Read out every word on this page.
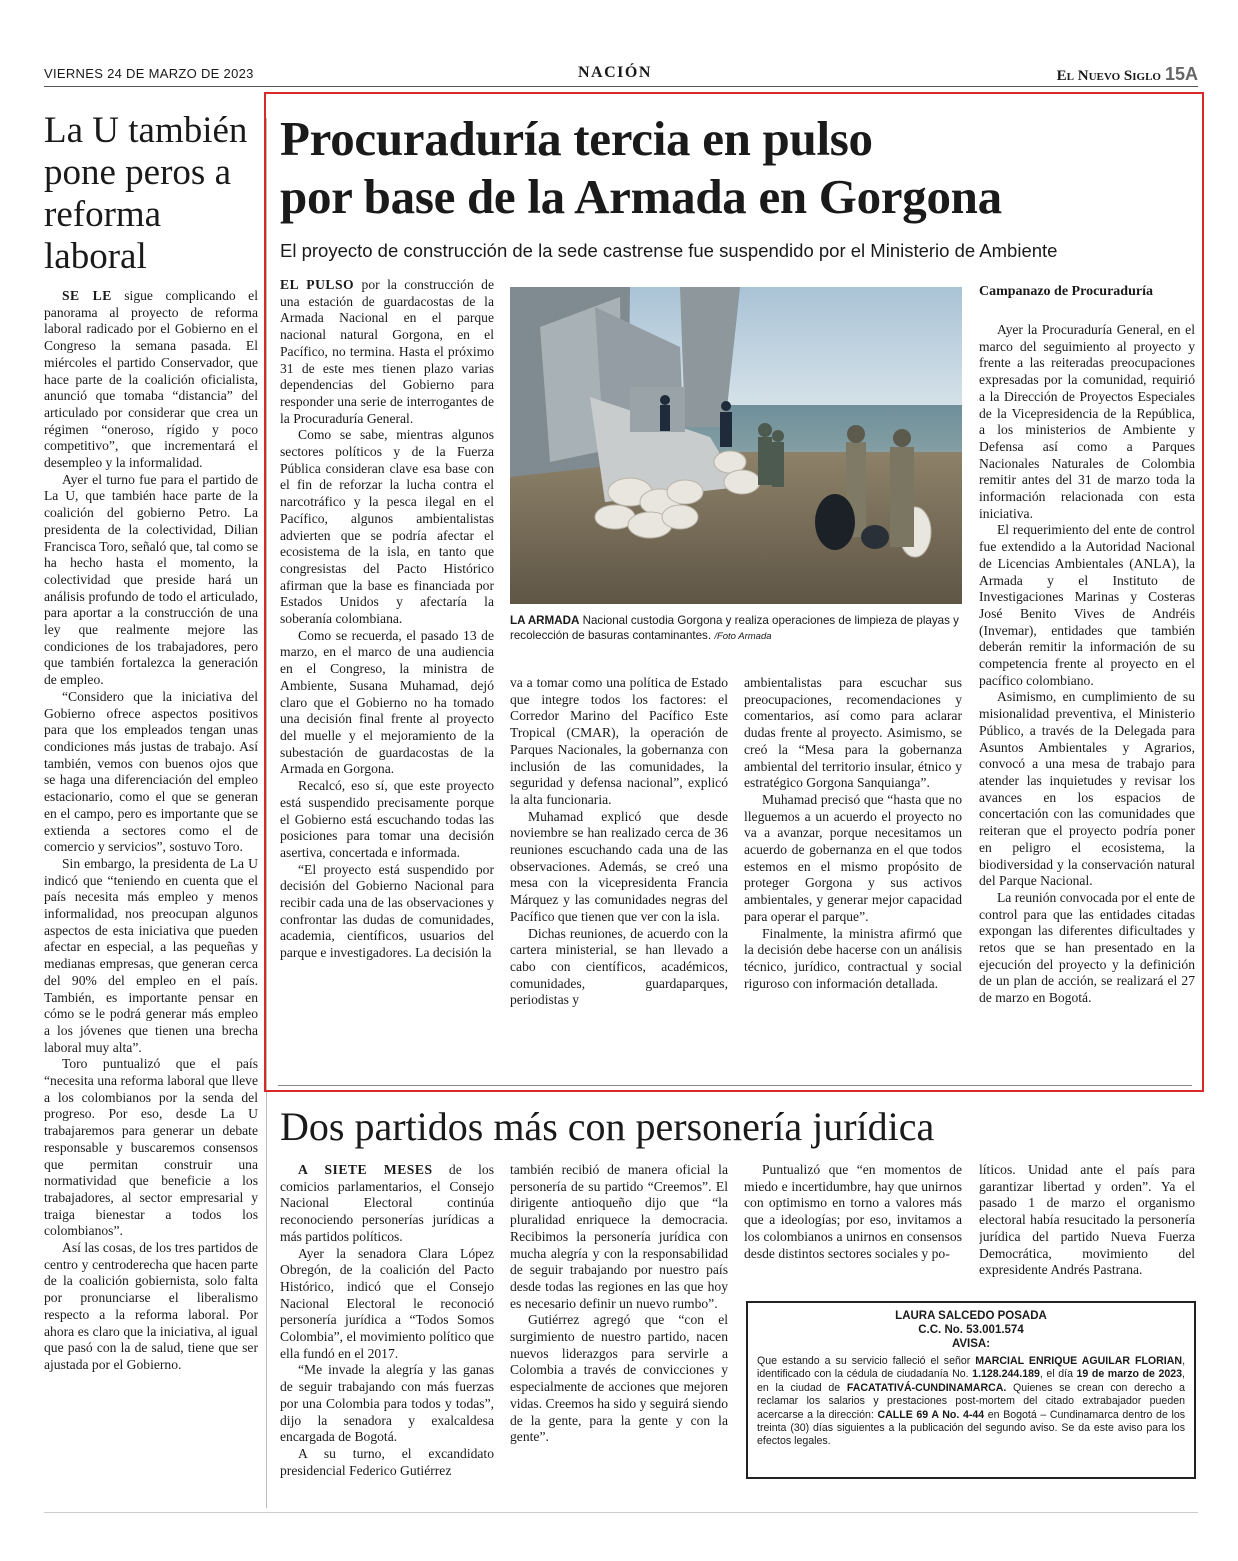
VIERNES 24 DE MARZO DE 2023	NACIÓN	El Nuevo Siglo 15A
La U también pone peros a reforma laboral

SE LE sigue complicando el panorama al proyecto de reforma laboral radicado por el Gobierno en el Congreso la semana pasada. El miércoles el partido Conservador, que hace parte de la coalición oficialista, anunció que tomaba “distancia” del articulado por considerar que crea un régimen “oneroso, rígido y poco competitivo”, que incrementará el desempleo y la informalidad.

Ayer el turno fue para el partido de La U, que también hace parte de la coalición del gobierno Petro. La presidenta de la colectividad, Dilian Francisca Toro, señaló que, tal como se ha hecho hasta el momento, la colectividad que preside hará un análisis profundo de todo el articulado, para aportar a la construcción de una ley que realmente mejore las condiciones de los trabajadores, pero que también fortalezca la generación de empleo.

“Considero que la iniciativa del Gobierno ofrece aspectos positivos para que los empleados tengan unas condiciones más justas de trabajo. Así también, vemos con buenos ojos que se haga una diferenciación del empleo estacionario, como el que se generan en el campo, pero es importante que se extienda a sectores como el de comercio y servicios”, sostuvo Toro.

Sin embargo, la presidenta de La U indicó que “teniendo en cuenta que el país necesita más empleo y menos informalidad, nos preocupan algunos aspectos de esta iniciativa que pueden afectar en especial, a las pequeñas y medianas empresas, que generan cerca del 90% del empleo en el país. También, es importante pensar en cómo se le podrá generar más empleo a los jóvenes que tienen una brecha laboral muy alta”.

Toro puntualizó que el país “necesita una reforma laboral que lleve a los colombianos por la senda del progreso. Por eso, desde La U trabajaremos para generar un debate responsable y buscaremos consensos que permitan construir una normatividad que beneficie a los trabajadores, al sector empresarial y traiga bienestar a todos los colombianos”.

Así las cosas, de los tres partidos de centro y centroderecha que hacen parte de la coalición gobiernista, solo falta por pronunciarse el liberalismo respecto a la reforma laboral. Por ahora es claro que la iniciativa, al igual que pasó con la de salud, tiene que ser ajustada por el Gobierno.

Procuraduría tercia en pulso
por base de la Armada en Gorgona
El proyecto de construcción de la sede castrense fue suspendido por el Ministerio de Ambiente

EL PULSO por la construcción de una estación de guardacostas de la Armada Nacional en el parque nacional natural Gorgona, en el Pacífico, no termina. Hasta el próximo 31 de este mes tienen plazo varias dependencias del Gobierno para responder una serie de interrogantes de la Procuraduría General.

Como se sabe, mientras algunos sectores políticos y de la Fuerza Pública consideran clave esa base con el fin de reforzar la lucha contra el narcotráfico y la pesca ilegal en el Pacífico, algunos ambientalistas advierten que se podría afectar el ecosistema de la isla, en tanto que congresistas del Pacto Histórico afirman que la base es financiada por Estados Unidos y afectaría la soberanía colombiana.

Como se recuerda, el pasado 13 de marzo, en el marco de una audiencia en el Congreso, la ministra de Ambiente, Susana Muhamad, dejó claro que el Gobierno no ha tomado una decisión final frente al proyecto del muelle y el mejoramiento de la subestación de guardacostas de la Armada en Gorgona.

Recalcó, eso sí, que este proyecto está suspendido precisamente porque el Gobierno está escuchando todas las posiciones para tomar una decisión asertiva, concertada e informada.

“El proyecto está suspendido por decisión del Gobierno Nacional para recibir cada una de las observaciones y confrontar las dudas de comunidades, academia, científicos, usuarios del parque e investigadores. La decisión la

LA ARMADA Nacional custodia Gorgona y realiza operaciones de limpieza de playas y recolección de basuras contaminantes. /Foto Armada

va a tomar como una política de Estado que integre todos los factores: el Corredor Marino del Pacífico Este Tropical (CMAR), la operación de Parques Nacionales, la gobernanza con inclusión de las comunidades, la seguridad y defensa nacional”, explicó la alta funcionaria.

Muhamad explicó que desde noviembre se han realizado cerca de 36 reuniones escuchando cada una de las observaciones. Además, se creó una mesa con la vicepresidenta Francia Márquez y las comunidades negras del Pacífico que tienen que ver con la isla.

Dichas reuniones, de acuerdo con la cartera ministerial, se han llevado a cabo con científicos, académicos, comunidades, guardaparques, periodistas y

ambientalistas para escuchar sus preocupaciones, recomendaciones y comentarios, así como para aclarar dudas frente al proyecto. Asimismo, se creó la “Mesa para la gobernanza ambiental del territorio insular, étnico y estratégico Gorgona Sanquianga”.

Muhamad precisó que “hasta que no lleguemos a un acuerdo el proyecto no va a avanzar, porque necesitamos un acuerdo de gobernanza en el que todos estemos en el mismo propósito de proteger Gorgona y sus activos ambientales, y generar mejor capacidad para operar el parque”.

Finalmente, la ministra afirmó que la decisión debe hacerse con un análisis técnico, jurídico, contractual y social riguroso con información detallada.

Campanazo de Procuraduría

Ayer la Procuraduría General, en el marco del seguimiento al proyecto y frente a las reiteradas preocupaciones expresadas por la comunidad, requirió a la Dirección de Proyectos Especiales de la Vicepresidencia de la República, a los ministerios de Ambiente y Defensa así como a Parques Nacionales Naturales de Colombia remitir antes del 31 de marzo toda la información relacionada con esta iniciativa.

El requerimiento del ente de control fue extendido a la Autoridad Nacional de Licencias Ambientales (ANLA), la Armada y el Instituto de Investigaciones Marinas y Costeras José Benito Vives de Andréis (Invemar), entidades que también deberán remitir la información de su competencia frente al proyecto en el pacífico colombiano.

Asimismo, en cumplimiento de su misionalidad preventiva, el Ministerio Público, a través de la Delegada para Asuntos Ambientales y Agrarios, convocó a una mesa de trabajo para atender las inquietudes y revisar los avances en los espacios de concertación con las comunidades que reiteran que el proyecto podría poner en peligro el ecosistema, la biodiversidad y la conservación natural del Parque Nacional.

La reunión convocada por el ente de control para que las entidades citadas expongan las diferentes dificultades y retos que se han presentado en la ejecución del proyecto y la definición de un plan de acción, se realizará el 27 de marzo en Bogotá.

Dos partidos más con personería jurídica

A SIETE MESES de los comicios parlamentarios, el Consejo Nacional Electoral continúa reconociendo personerías jurídicas a más partidos políticos.

Ayer la senadora Clara López Obregón, de la coalición del Pacto Histórico, indicó que el Consejo Nacional Electoral le reconoció personería jurídica a “Todos Somos Colombia”, el movimiento político que ella fundó en el 2017.

“Me invade la alegría y las ganas de seguir trabajando con más fuerzas por una Colombia para todos y todas”, dijo la senadora y exalcaldesa encargada de Bogotá.

A su turno, el excandidato presidencial Federico Gutiérrez

también recibió de manera oficial la personería de su partido “Creemos”. El dirigente antioqueño dijo que “la pluralidad enriquece la democracia. Recibimos la personería jurídica con mucha alegría y con la responsabilidad de seguir trabajando por nuestro país desde todas las regiones en las que hoy es necesario definir un nuevo rumbo”.

Gutiérrez agregó que “con el surgimiento de nuestro partido, nacen nuevos liderazgos para servirle a Colombia a través de convicciones y especialmente de acciones que mejoren vidas. Creemos ha sido y seguirá siendo de la gente, para la gente y con la gente”.

Puntualizó que “en momentos de miedo e incertidumbre, hay que unirnos con optimismo en torno a valores más que a ideologías; por eso, invitamos a los colombianos a unirnos en consensos desde distintos sectores sociales y po-

líticos. Unidad ante el país para garantizar libertad y orden”. Ya el pasado 1 de marzo el organismo electoral había resucitado la personería jurídica del partido Nueva Fuerza Democrática, movimiento del expresidente Andrés Pastrana.

LAURA SALCEDO POSADA
C.C. No. 53.001.574
AVISA:
Que estando a su servicio falleció el señor MARCIAL ENRIQUE AGUILAR FLORIAN, identificado con la cédula de ciudadanía No. 1.128.244.189, el día 19 de marzo de 2023, en la ciudad de FACATATIVÁ-CUNDINAMARCA. Quienes se crean con derecho a reclamar los salarios y prestaciones post-mortem del citado extrabajador pueden acercarse a la dirección: CALLE 69 A No. 4-44 en Bogotá – Cundinamarca dentro de los treinta (30) días siguientes a la publicación del segundo aviso. Se da este aviso para los efectos legales.
